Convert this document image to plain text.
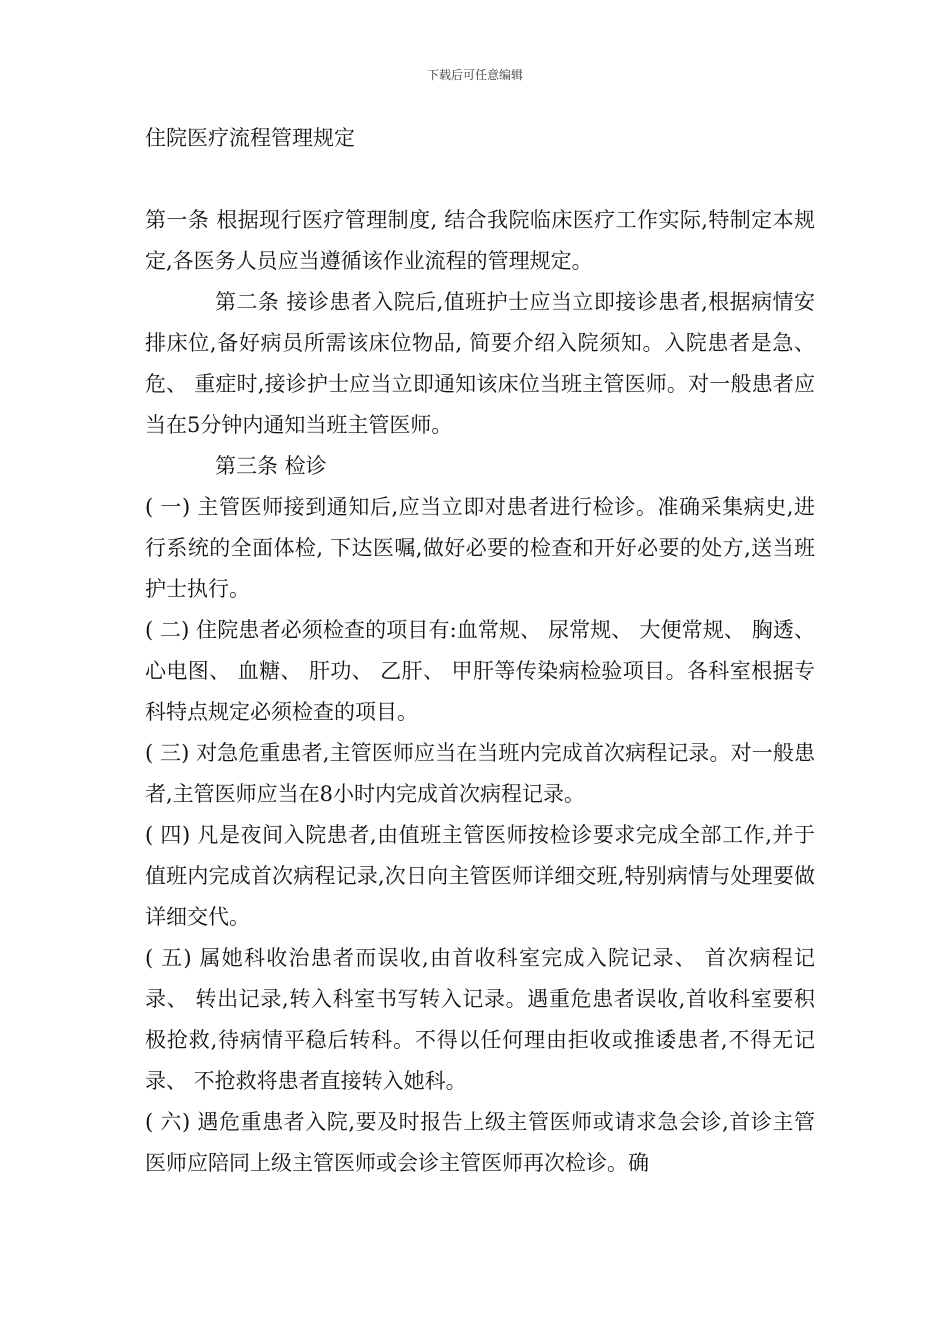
下载后可任意编辑
住院医疗流程管理规定

第一条 根据现行医疗管理制度, 结合我院临床医疗工作实际,特制定本规定,各医务人员应当遵循该作业流程的管理规定。

第二条 接诊患者入院后,值班护士应当立即接诊患者,根据病情安排床位,备好病员所需该床位物品, 简要介绍入院须知。入院患者是急、 危、 重症时,接诊护士应当立即通知该床位当班主管医师。对一般患者应当在5分钟内通知当班主管医师。

第三条 检诊

( 一) 主管医师接到通知后,应当立即对患者进行检诊。准确采集病史,进行系统的全面体检, 下达医嘱,做好必要的检查和开好必要的处方,送当班护士执行。

( 二) 住院患者必须检查的项目有:血常规、 尿常规、 大便常规、 胸透、 心电图、 血糖、 肝功、 乙肝、 甲肝等传染病检验项目。各科室根据专科特点规定必须检查的项目。

( 三) 对急危重患者,主管医师应当在当班内完成首次病程记录。对一般患者,主管医师应当在8小时内完成首次病程记录。

( 四) 凡是夜间入院患者,由值班主管医师按检诊要求完成全部工作,并于值班内完成首次病程记录,次日向主管医师详细交班,特别病情与处理要做详细交代。

( 五) 属她科收治患者而误收,由首收科室完成入院记录、 首次病程记录、 转出记录,转入科室书写转入记录。遇重危患者误收,首收科室要积极抢救,待病情平稳后转科。不得以任何理由拒收或推诿患者,不得无记录、 不抢救将患者直接转入她科。

( 六) 遇危重患者入院,要及时报告上级主管医师或请求急会诊,首诊主管医师应陪同上级主管医师或会诊主管医师再次检诊。确
